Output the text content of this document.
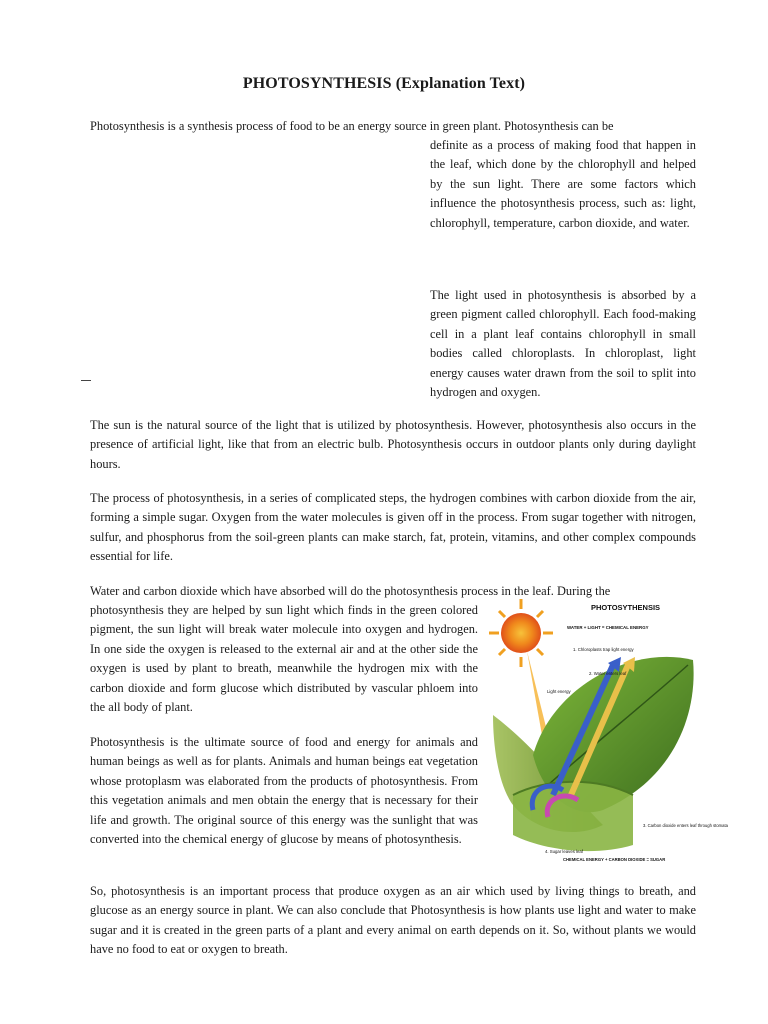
PHOTOSYNTHESIS (Explanation Text)

Photosynthesis is a synthesis process of food to be an energy source in green plant. Photosynthesis can be

definite as a process of making food that happen in the leaf, which done by the chlorophyll and helped by the sun light. There are some factors which influence the photosynthesis process, such as: light, chlorophyll, temperature, carbon dioxide, and water.

The light used in photosynthesis is absorbed by a green pigment called chlorophyll. Each food-making cell in a plant leaf contains chlorophyll in small bodies called chloroplasts. In chloroplast, light energy causes water drawn from the soil to split into hydrogen and oxygen.

The sun is the natural source of the light that is utilized by photosynthesis. However, photosynthesis also occurs in the presence of artificial light, like that from an electric bulb. Photosynthesis occurs in outdoor plants only during daylight hours.

The process of photosynthesis, in a series of complicated steps, the hydrogen combines with carbon dioxide from the air, forming a simple sugar. Oxygen from the water molecules is given off in the process. From sugar together with nitrogen, sulfur, and phosphorus from the soil-green plants can make starch, fat, protein, vitamins, and other complex compounds essential for life.

Water and carbon dioxide which have absorbed will do the photosynthesis process in the leaf. During the

photosynthesis they are helped by sun light which finds in the green colored pigment, the sun light will break water molecule into oxygen and hydrogen. In one side the oxygen is released to the external air and at the other side the oxygen is used by plant to breath, meanwhile the hydrogen mix with the carbon dioxide and form glucose which distributed by vascular phloem into the all body of plant.

Photosynthesis is the ultimate source of food and energy for animals and human beings as well as for plants. Animals and human beings eat vegetation whose protoplasm was elaborated from the products of photosynthesis. From this vegetation animals and men obtain the energy that is necessary for their life and growth. The original source of this energy was the sunlight that was converted into the chemical energy of glucose by means of photosynthesis.

So, photosynthesis is an important process that produce oxygen as an air which used by living things to breath, and glucose as an energy source in plant. We can also conclude that Photosynthesis is how plants use light and water to make sugar and it is created in the green parts of a plant and every animal on earth depends on it. So, without plants we would have no food to eat or oxygen to breath.

PHOTOSYTHENSIS
WATER + LIGHT = CHEMICAL ENERGY
1. Chloroplasts trap light energy
2. Water enters leaf
Light energy
3. Carbon dioxide enters leaf through stomata
4. Sugar leaves leaf
CHEMICAL ENERGY + CARBON DIOXIDE = SUGAR
